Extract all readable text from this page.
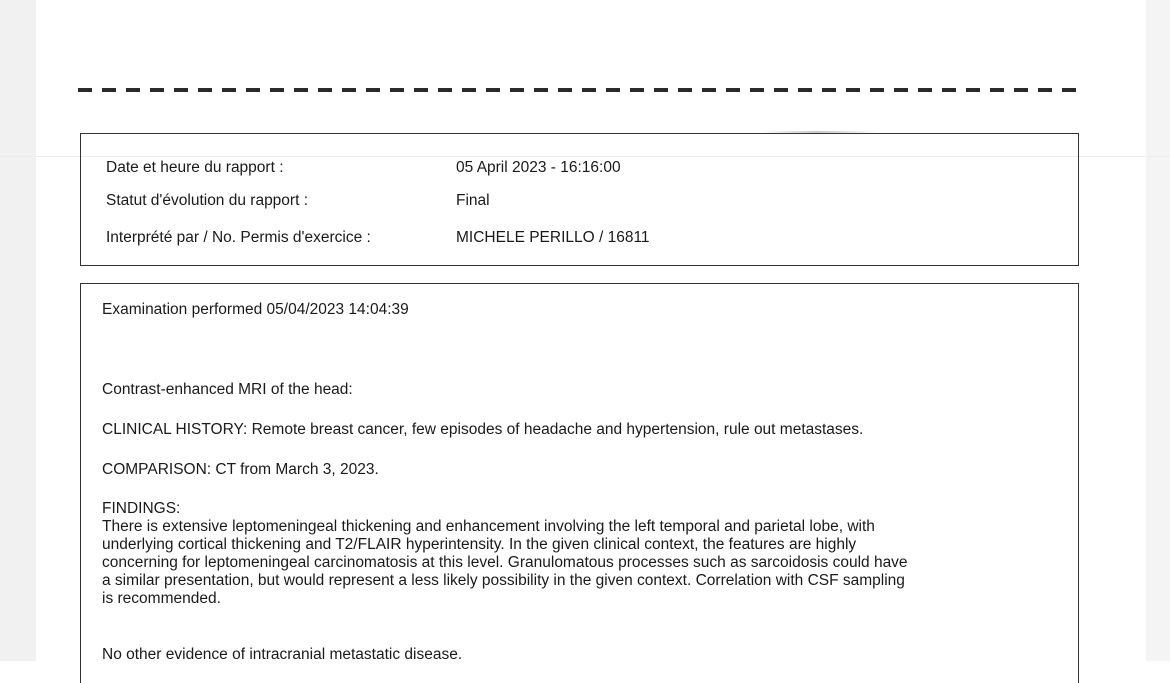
Date et heure du rapport :	05 April 2023 - 16:16:00
Statut d'évolution du rapport :	Final
Interprété par / No. Permis d'exercice :	MICHELE PERILLO / 16811
Examination performed 05/04/2023 14:04:39
Contrast-enhanced MRI of the head:
CLINICAL HISTORY: Remote breast cancer, few episodes of headache and hypertension, rule out metastases.
COMPARISON: CT from March 3, 2023.
FINDINGS:
There is extensive leptomeningeal thickening and enhancement involving the left temporal and parietal lobe, with
underlying cortical thickening and T2/FLAIR hyperintensity. In the given clinical context, the features are highly
concerning for leptomeningeal carcinomatosis at this level. Granulomatous processes such as sarcoidosis could have
a similar presentation, but would represent a less likely possibility in the given context. Correlation with CSF sampling
is recommended.
No other evidence of intracranial metastatic disease.
